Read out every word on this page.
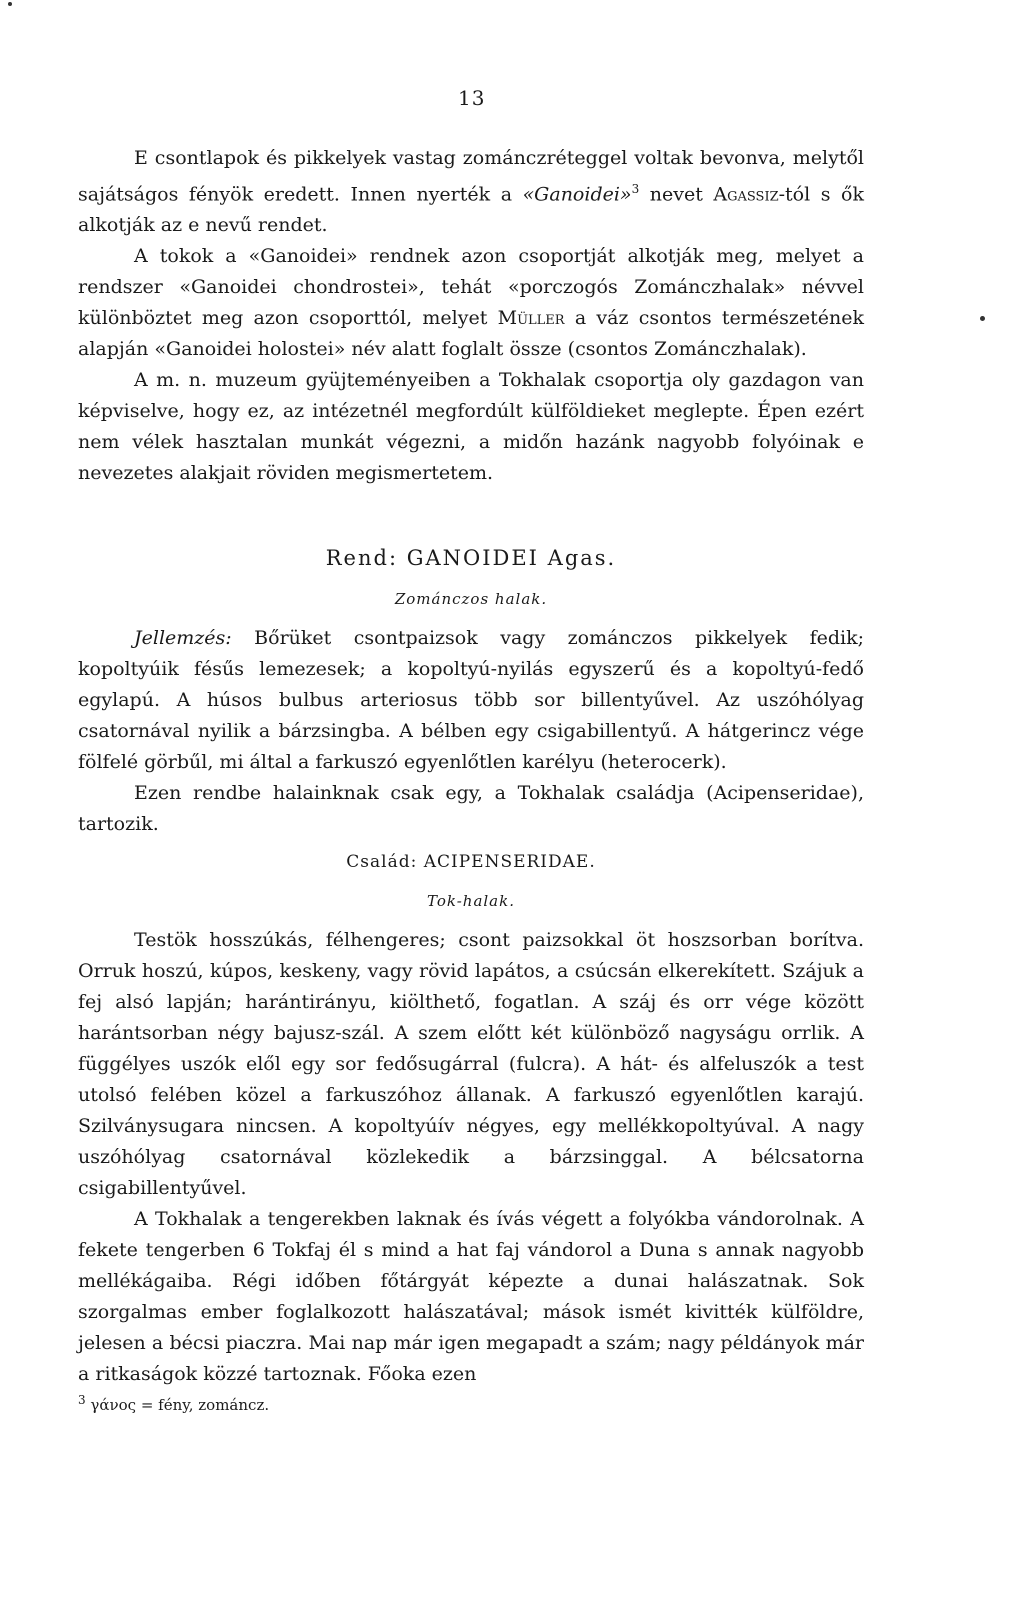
13

E csontlapok és pikkelyek vastag zománczréteggel voltak bevonva, melytől sajátságos fényök eredett. Innen nyerték a «Ganoidei»$^3$ nevet Agassiz-tól s ők alkotják az e nevű rendet.

A tokok a «Ganoidei» rendnek azon csoportját alkotják meg, melyet a rendszer «Ganoidei chondrostei», tehát «porczogós Zománczhalak» névvel különböztet meg azon csoporttól, melyet Müller a váz csontos természetének alapján «Ganoidei holostei» név alatt foglalt össze (csontos Zománczhalak).

A m. n. muzeum gyüjteményeiben a Tokhalak csoportja oly gazdagon van képviselve, hogy ez, az intézetnél megfordúlt külföldieket meglepte. Épen ezért nem vélek hasztalan munkát végezni, a midőn hazánk nagyobb folyóinak e nevezetes alakjait röviden megismertetem.

Rend: GANOIDEI Agas.
Zománczos halak.

Jellemzés: Bőrüket csontpaizsok vagy zománczos pikkelyek fedik; kopoltyúik fésűs lemezesek; a kopoltyú-nyilás egyszerű és a kopoltyú-fedő egylapú. A húsos bulbus arteriosus több sor billentyűvel. Az uszóhólyag csatornával nyilik a bárzsingba. A bélben egy csigabillentyű. A hátgerincz vége fölfelé görbűl, mi által a farkuszó egyenlőtlen karélyu (heterocerk).

Ezen rendbe halainknak csak egy, a Tokhalak családja (Acipenseridae), tartozik.

Család: ACIPENSERIDAE.
Tok-halak.

Testök hosszúkás, félhengeres; csont paizsokkal öt hoszsorban borítva. Orruk hoszú, kúpos, keskeny, vagy rövid lapátos, a csúcsán elkerekített. Szájuk a fej alsó lapján; harántirányu, kiölthető, fogatlan. A száj és orr vége között harántsorban négy bajusz-szál. A szem előtt két különböző nagyságu orrlik. A függélyes uszók elől egy sor fedősugárral (fulcra). A hát- és alfeluszók a test utolsó felében közel a farkuszóhoz állanak. A farkuszó egyenlőtlen karajú. Szilványsugara nincsen. A kopoltyúív négyes, egy mellékkopoltyúval. A nagy uszóhólyag csatornával közlekedik a bárzsinggal. A bélcsatorna csigabillentyűvel.

A Tokhalak a tengerekben laknak és ívás végett a folyókba vándorolnak. A fekete tengerben 6 Tokfaj él s mind a hat faj vándorol a Duna s annak nagyobb mellékágaiba. Régi időben főtárgyát képezte a dunai halászatnak. Sok szorgalmas ember foglalkozott halászatával; mások ismét kivitték külföldre, jelesen a bécsi piaczra. Mai nap már igen megapadt a szám; nagy példányok már a ritkaságok közzé tartoznak. Főoka ezen

$^3$ γάνος = fény, zománcz.
